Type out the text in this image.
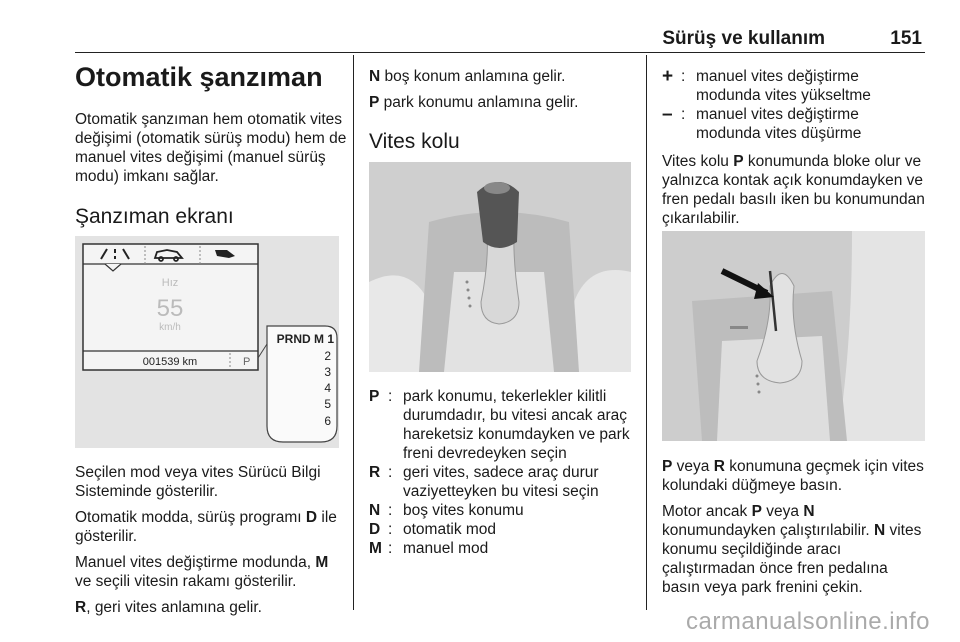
Sürüş ve kullanım	151
Otomatik şanzıman
Otomatik şanzıman hem otomatik vites değişimi (otomatik sürüş modu) hem de manuel vites değişimi (manuel sürüş modu) imkanı sağlar.
Şanzıman ekranı
Hız
55
km/h
001539 km	P
PRND M 1
2
3
4
5
6

Seçilen mod veya vites Sürücü Bilgi Sisteminde gösterilir.

Otomatik modda, sürüş programı D ile gösterilir.

Manuel vites değiştirme modunda, M ve seçili vitesin rakamı gösterilir.

R, geri vites anlamına gelir.

N boş konum anlamına gelir.

P park konumu anlamına gelir.

Vites kolu
P : park konumu, tekerlekler kilitli durumdadır, bu vitesi ancak araç hareketsiz konumdayken ve park freni devredeyken seçin
R : geri vites, sadece araç durur vaziyetteyken bu vitesi seçin
N : boş vites konumu
D : otomatik mod
M : manuel mod
+ : manuel vites değiştirme modunda vites yükseltme
– : manuel vites değiştirme modunda vites düşürme
Vites kolu P konumunda bloke olur ve yalnızca kontak açık konumdayken ve fren pedalı basılı iken bu konumundan çıkarılabilir.

P veya R konumuna geçmek için vites kolundaki düğmeye basın.

Motor ancak P veya N konumundayken çalıştırılabilir. N vites konumu seçildiğinde aracı çalıştırmadan önce fren pedalına basın veya park frenini çekin.

carmanualsonline.info
